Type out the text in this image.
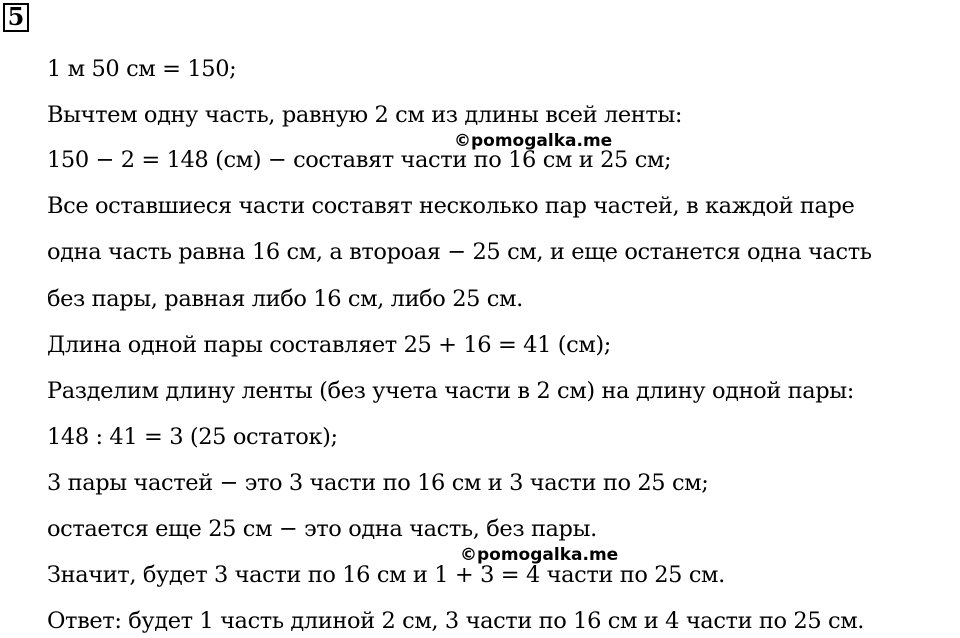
5
1 м 50 см = 150;
Вычтем одну часть, равную 2 см из длины всей ленты:
150 − 2 = 148 (см) − составят части по 16 см и 25 см;
Все оставшиеся части составят несколько пар частей, в каждой паре
одна часть равна 16 см, а второая − 25 см, и еще останется одна часть
без пары, равная либо 16 см, либо 25 см.
Длина одной пары составляет 25 + 16 = 41 (см);
Разделим длину ленты (без учета части в 2 см) на длину одной пары:
148 : 41 = 3 (25 остаток);
3 пары частей − это 3 части по 16 см и 3 части по 25 см;
остается еще 25 см − это одна часть, без пары.
Значит, будет 3 части по 16 см и 1 + 3 = 4 части по 25 см.
Ответ: будет 1 часть длиной 2 см, 3 части по 16 см и 4 части по 25 см.
©pomogalka.me
©pomogalka.me
